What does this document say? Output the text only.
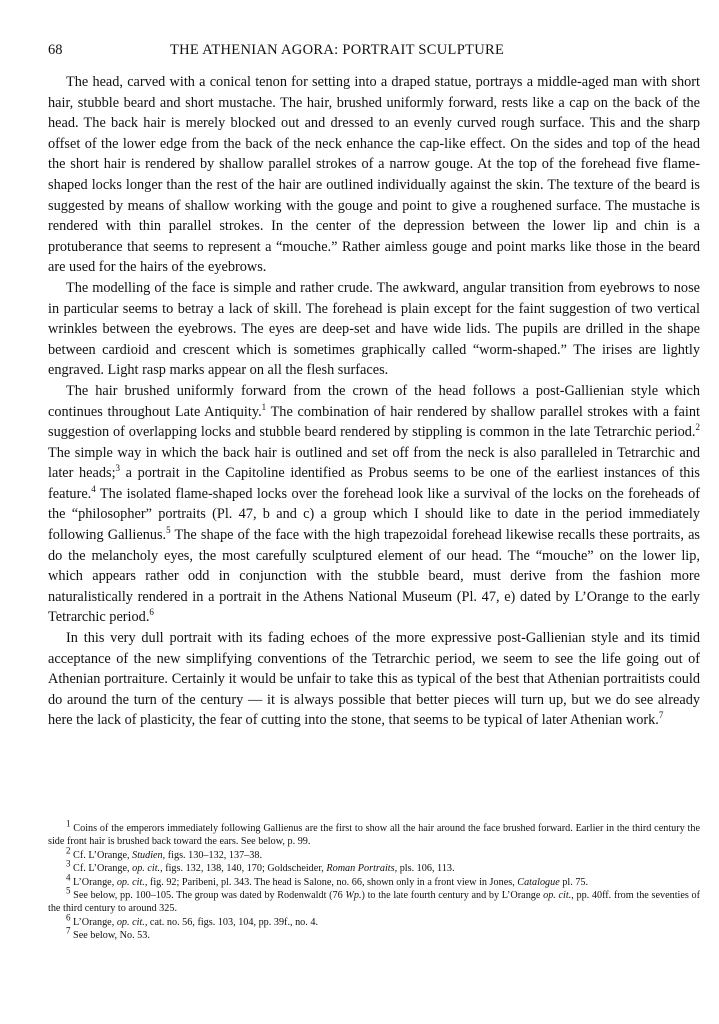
68	THE ATHENIAN AGORA: PORTRAIT SCULPTURE

The head, carved with a conical tenon for setting into a draped statue, portrays a middle-aged man with short hair, stubble beard and short mustache. The hair, brushed uniformly forward, rests like a cap on the back of the head. The back hair is merely blocked out and dressed to an evenly curved rough surface. This and the sharp offset of the lower edge from the back of the neck enhance the cap-like effect. On the sides and top of the head the short hair is rendered by shallow parallel strokes of a narrow gouge. At the top of the forehead five flame-shaped locks longer than the rest of the hair are outlined individually against the skin. The texture of the beard is suggested by means of shallow working with the gouge and point to give a roughened surface. The mustache is rendered with thin parallel strokes. In the center of the depression between the lower lip and chin is a protuberance that seems to represent a “mouche.” Rather aimless gouge and point marks like those in the beard are used for the hairs of the eyebrows.

The modelling of the face is simple and rather crude. The awkward, angular transition from eyebrows to nose in particular seems to betray a lack of skill. The forehead is plain except for the faint suggestion of two vertical wrinkles between the eyebrows. The eyes are deep-set and have wide lids. The pupils are drilled in the shape between cardioid and crescent which is sometimes graphically called “worm-shaped.” The irises are lightly engraved. Light rasp marks appear on all the flesh surfaces.

The hair brushed uniformly forward from the crown of the head follows a post-Gallienian style which continues throughout Late Antiquity.$^1$ The combination of hair rendered by shallow parallel strokes with a faint suggestion of overlapping locks and stubble beard rendered by stippling is common in the late Tetrarchic period.$^2$ The simple way in which the back hair is outlined and set off from the neck is also paralleled in Tetrarchic and later heads;$^3$ a portrait in the Capitoline identified as Probus seems to be one of the earliest instances of this feature.$^4$ The isolated flame-shaped locks over the forehead look like a survival of the locks on the foreheads of the “philosopher” portraits (Pl. 47, b and c) a group which I should like to date in the period immediately following Gallienus.$^5$ The shape of the face with the high trapezoidal forehead likewise recalls these portraits, as do the melancholy eyes, the most carefully sculptured element of our head. The “mouche” on the lower lip, which appears rather odd in conjunction with the stubble beard, must derive from the fashion more naturalistically rendered in a portrait in the Athens National Museum (Pl. 47, e) dated by L’Orange to the early Tetrarchic period.$^6$

In this very dull portrait with its fading echoes of the more expressive post-Gallienian style and its timid acceptance of the new simplifying conventions of the Tetrarchic period, we seem to see the life going out of Athenian portraiture. Certainly it would be unfair to take this as typical of the best that Athenian portraitists could do around the turn of the century — it is always possible that better pieces will turn up, but we do see already here the lack of plasticity, the fear of cutting into the stone, that seems to be typical of later Athenian work.$^7$

$^1$ Coins of the emperors immediately following Gallienus are the first to show all the hair around the face brushed forward. Earlier in the third century the side front hair is brushed back toward the ears. See below, p. 99.

$^2$ Cf. L’Orange, Studien, figs. 130–132, 137–38.

$^3$ Cf. L’Orange, op. cit., figs. 132, 138, 140, 170; Goldscheider, Roman Portraits, pls. 106, 113.

$^4$ L’Orange, op. cit., fig. 92; Paribeni, pl. 343. The head is Salone, no. 66, shown only in a front view in Jones, Catalogue pl. 75.

$^5$ See below, pp. 100–105. The group was dated by Rodenwaldt (76 Wp.) to the late fourth century and by L’Orange op. cit., pp. 40ff. from the seventies of the third century to around 325.

$^6$ L’Orange, op. cit., cat. no. 56, figs. 103, 104, pp. 39f., no. 4.

$^7$ See below, No. 53.
